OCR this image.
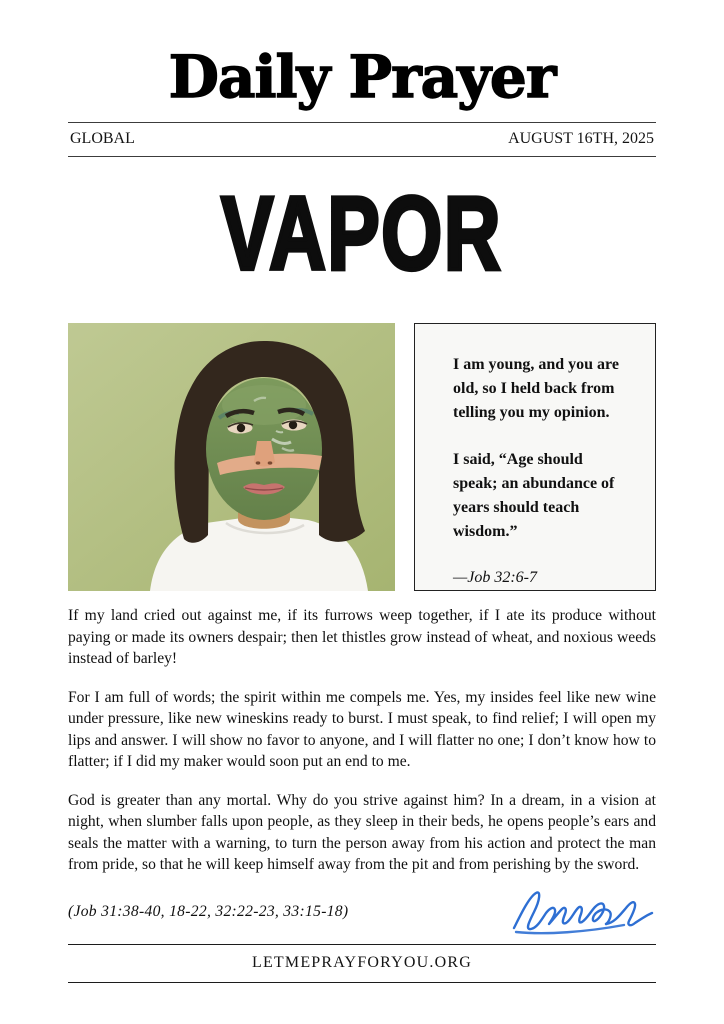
Daily Prayer
GLOBAL	AUGUST 16TH, 2025
VAPOR

I am young, and you are old, so I held back from telling you my opinion.

I said, “Age should speak; an abundance of years should teach wisdom.”

—Job 32:6-7

If my land cried out against me, if its furrows weep together, if I ate its produce without paying or made its owners despair; then let thistles grow instead of wheat, and noxious weeds instead of barley!

For I am full of words; the spirit within me compels me. Yes, my insides feel like new wine under pressure, like new wineskins ready to burst. I must speak, to find relief; I will open my lips and answer. I will show no favor to anyone, and I will flatter no one; I don’t know how to flatter; if I did my maker would soon put an end to me.

God is greater than any mortal. Why do you strive against him? In a dream, in a vision at night, when slumber falls upon people, as they sleep in their beds, he opens people’s ears and seals the matter with a warning, to turn the person away from his action and protect the man from pride, so that he will keep himself away from the pit and from perishing by the sword.

(Job 31:38-40, 18-22, 32:22-23, 33:15-18)
LETMEPRAYFORYOU.ORG
